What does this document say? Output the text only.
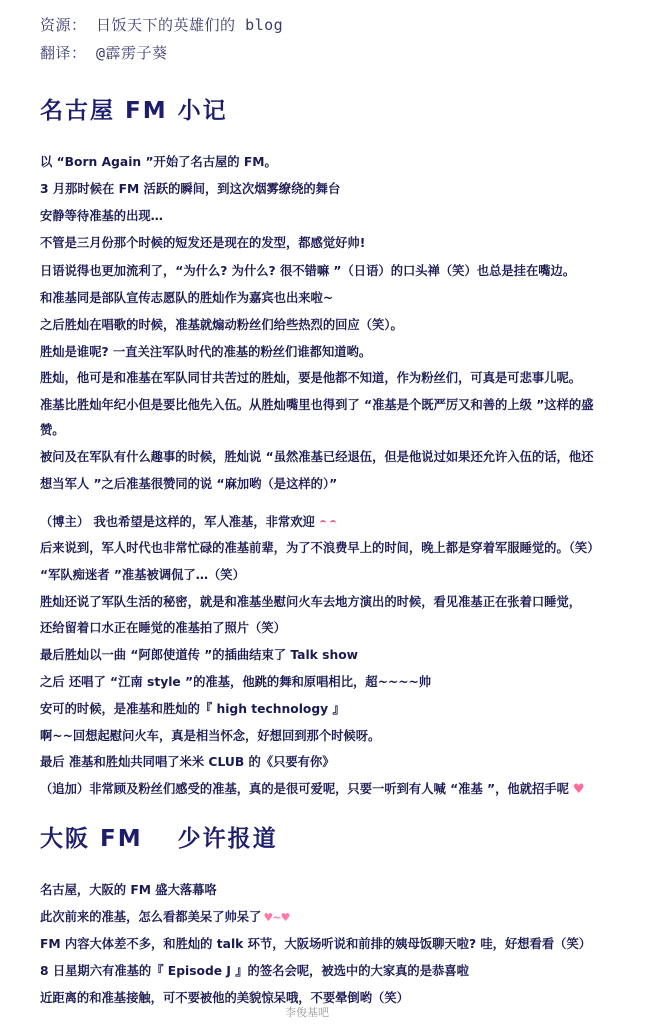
资源： 日饭天下的英雄们的 blog
翻译： @霹雳子葵
名古屋 FM 小记
以 “Born Again ”开始了名古屋的 FM。
3 月那时候在 FM 活跃的瞬间，到这次烟雾缭绕的舞台
安静等待准基的出现…
不管是三月份那个时候的短发还是现在的发型，都感觉好帅!
日语说得也更加流利了，“为什么? 为什么? 很不错嘛 ”（日语）的口头禅（笑）也总是挂在嘴边。
和准基同是部队宣传志愿队的胜灿作为嘉宾也出来啦~
之后胜灿在唱歌的时候，准基就煽动粉丝们给些热烈的回应（笑）。
胜灿是谁呢? 一直关注军队时代的准基的粉丝们谁都知道哟。
胜灿，他可是和准基在军队同甘共苦过的胜灿，要是他都不知道，作为粉丝们，可真是可悲事儿呢。
准基比胜灿年纪小但是要比他先入伍。从胜灿嘴里也得到了 “准基是个既严厉又和善的上级 ”这样的盛
赞。
被问及在军队有什么趣事的时候，胜灿说 “虽然准基已经退伍，但是他说过如果还允许入伍的话，他还
想当军人 ”之后准基很赞同的说 “麻加哟（是这样的）”
（博主） 我也希望是这样的，军人准基，非常欢迎
后来说到，军人时代也非常忙碌的准基前辈，为了不浪费早上的时间，晚上都是穿着军服睡觉的。（笑）
“军队痴迷者 ”准基被调侃了…（笑）
胜灿还说了军队生活的秘密，就是和准基坐慰问火车去地方演出的时候，看见准基正在张着口睡觉，
还给留着口水正在睡觉的准基拍了照片（笑）
最后胜灿以一曲 “阿郎使道传 ”的插曲结束了 Talk show
之后 还唱了 “江南 style ”的准基，他跳的舞和原唱相比，超~~~~帅
安可的时候，是准基和胜灿的『 high technology 』
啊~~回想起慰问火车，真是相当怀念，好想回到那个时候呀。
最后 准基和胜灿共同唱了米米 CLUB 的《只要有你》
（追加）非常顾及粉丝们感受的准基，真的是很可爱呢，只要一听到有人喊 “准基 ”，他就招手呢 ♥
大阪 FM　 少许报道
名古屋，大阪的 FM 盛大落幕咯
此次前来的准基，怎么看都美呆了帅呆了 ♥~♥
FM 内容大体差不多，和胜灿的 talk 环节，大阪场听说和前排的姨母饭聊天啦? 哇，好想看看（笑）
8 日星期六有准基的『 Episode J 』的签名会呢，被选中的大家真的是恭喜啦
近距离的和准基接触，可不要被他的美貌惊呆哦，不要晕倒哟（笑）
李俊基吧
